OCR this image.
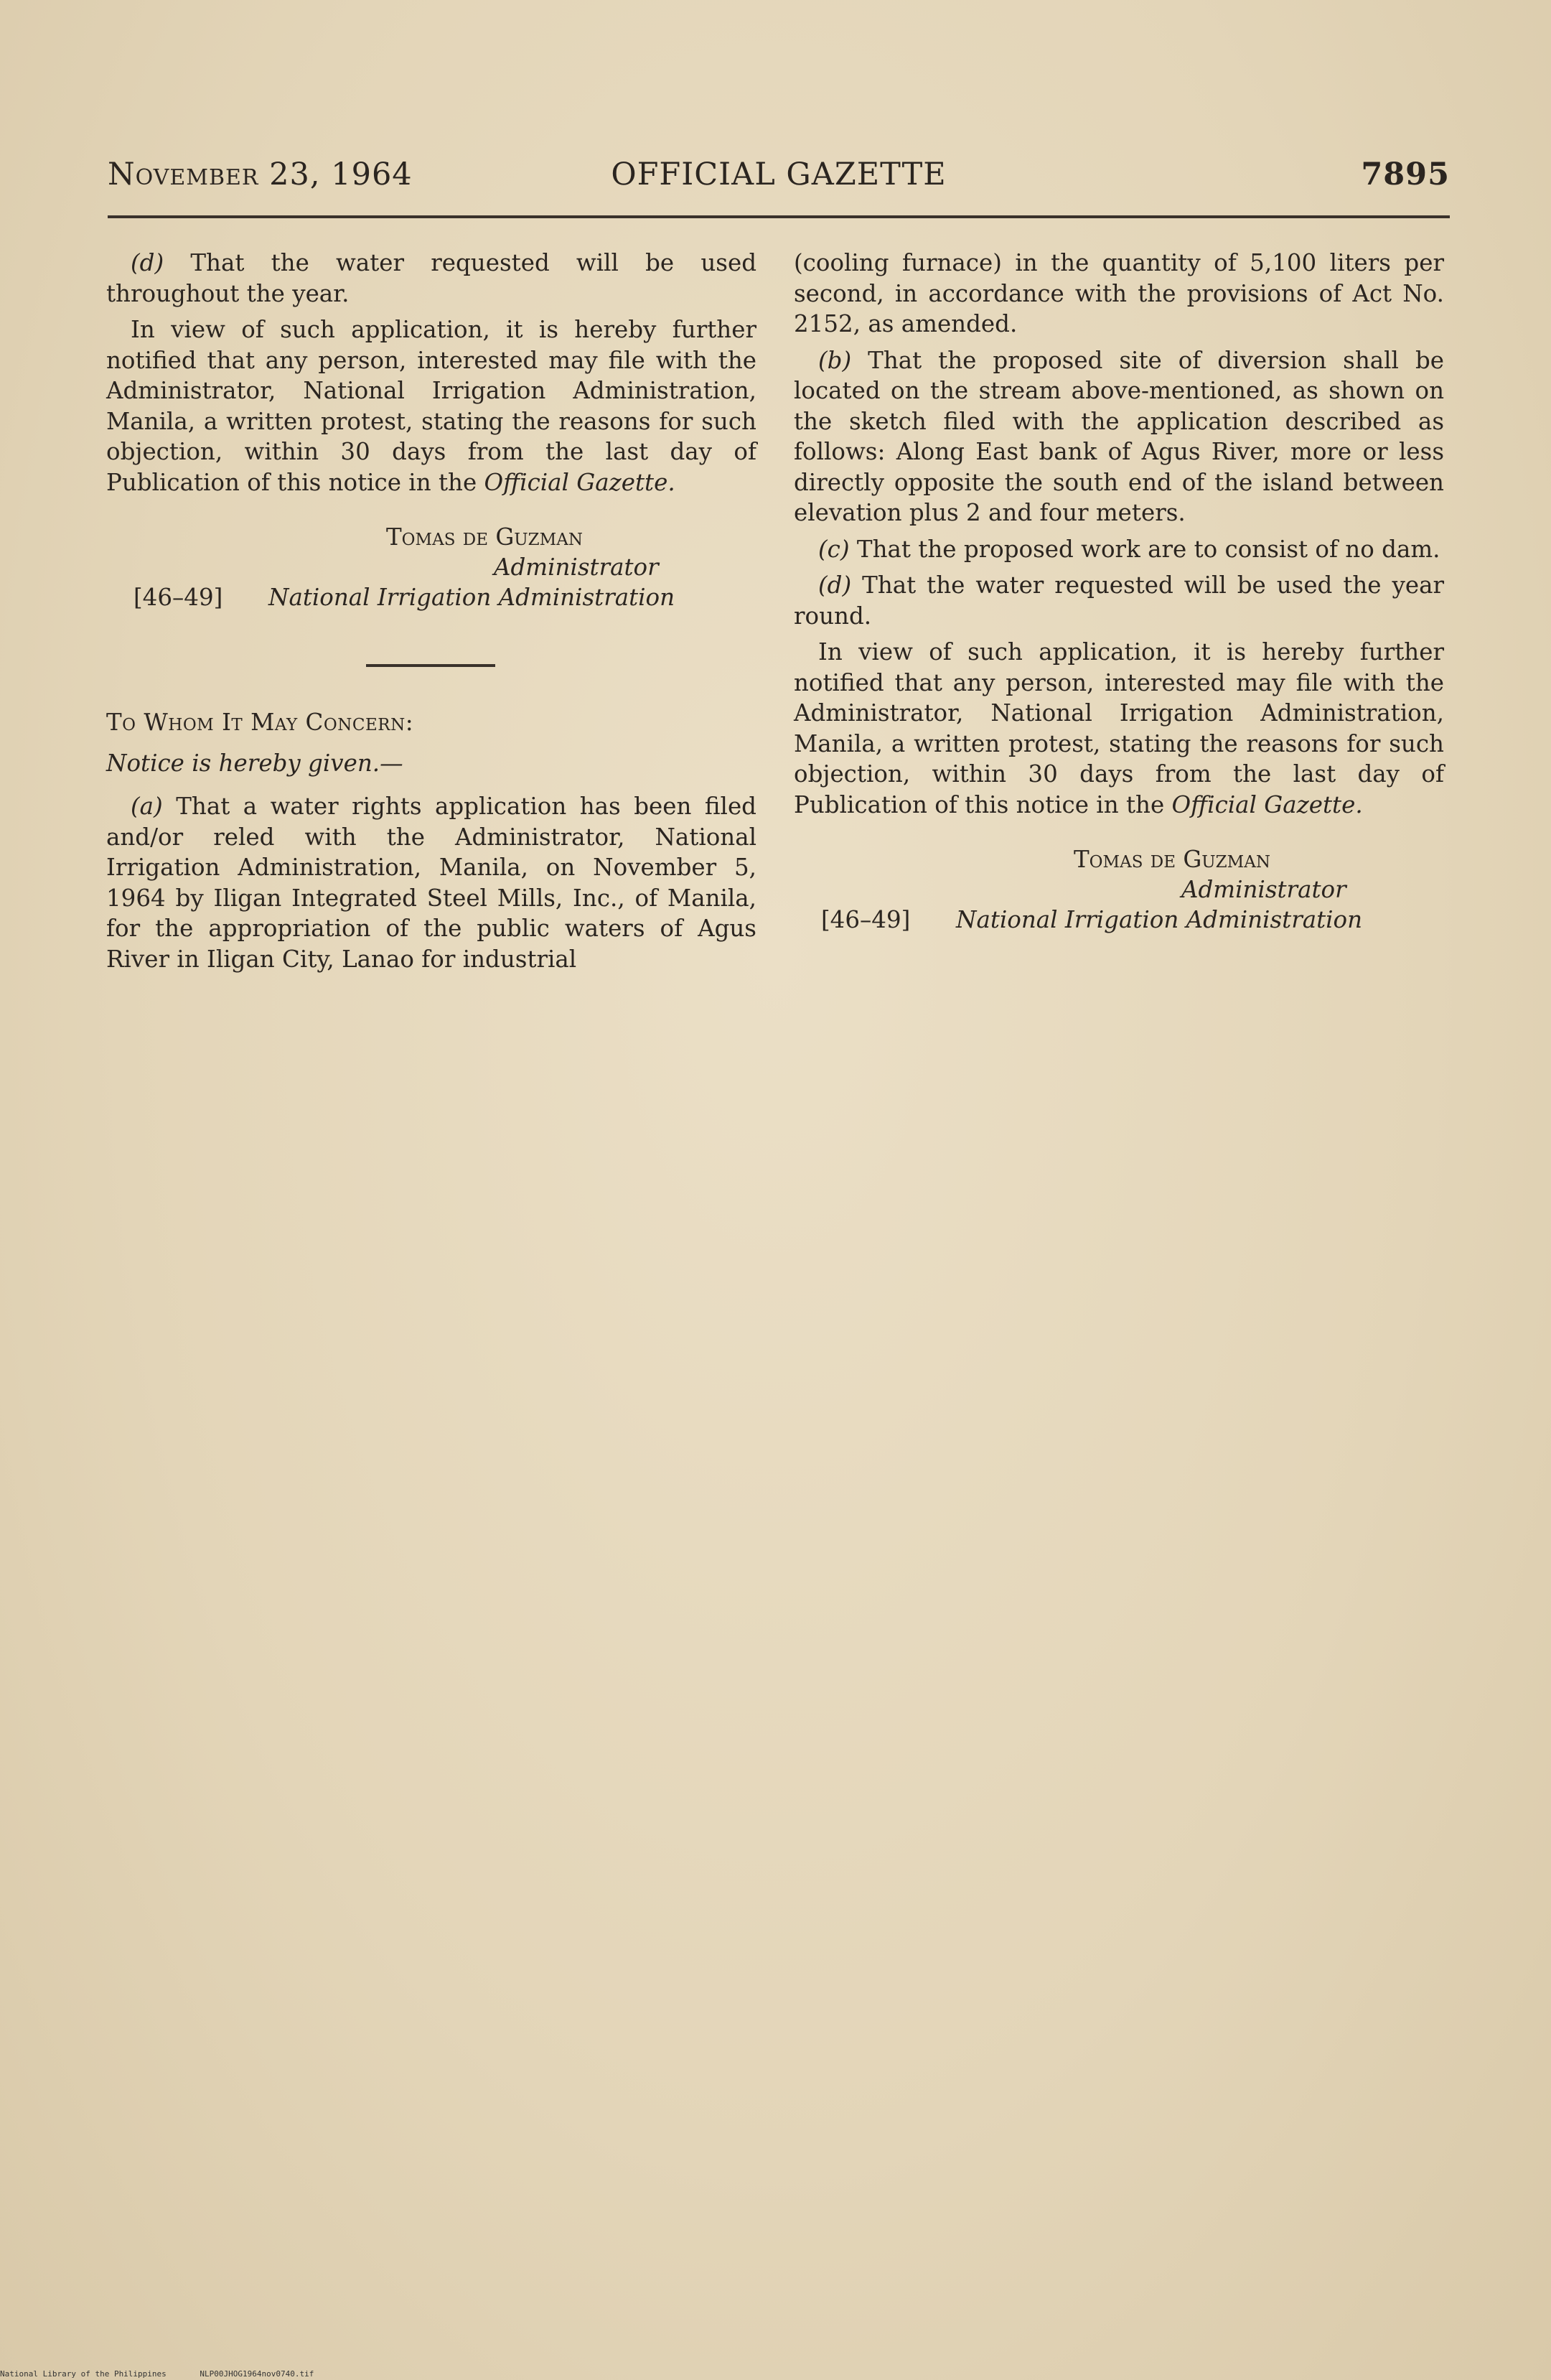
November 23, 1964	OFFICIAL GAZETTE	7895

(d) That the water requested will be used throughout the year.

In view of such application, it is hereby further notified that any person, interested may file with the Administrator, National Irrigation Administration, Manila, a written protest, stating the reasons for such objection, within 30 days from the last day of Publication of this notice in the Official Gazette.

Tomas de Guzman
Administrator
[46–49]	National Irrigation Administration
To Whom It May Concern:
Notice is hereby given.—

(a) That a water rights application has been filed and/or reled with the Administrator, National Irrigation Administration, Manila, on November 5, 1964 by Iligan Integrated Steel Mills, Inc., of Manila, for the appropriation of the public waters of Agus River in Iligan City, Lanao for industrial

(cooling furnace) in the quantity of 5,100 liters per second, in accordance with the provisions of Act No. 2152, as amended.

(b) That the proposed site of diversion shall be located on the stream above-mentioned, as shown on the sketch filed with the application described as follows: Along East bank of Agus River, more or less directly opposite the south end of the island between elevation plus 2 and four meters.

(c) That the proposed work are to consist of no dam.

(d) That the water requested will be used the year round.

In view of such application, it is hereby further notified that any person, interested may file with the Administrator, National Irrigation Administration, Manila, a written protest, stating the reasons for such objection, within 30 days from the last day of Publication of this notice in the Official Gazette.

Tomas de Guzman
Administrator
[46–49]	National Irrigation Administration
National Library of the Philippines	NLP00JHOG1964nov0740.tif
